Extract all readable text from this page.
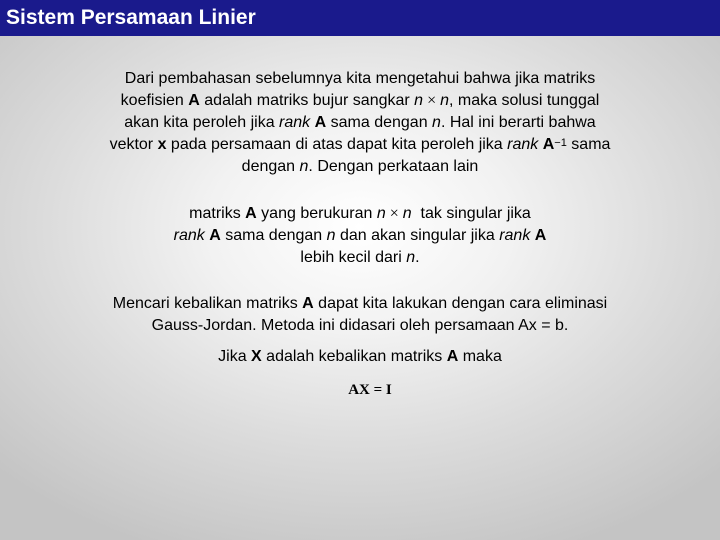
Sistem Persamaan Linier
Dari pembahasan sebelumnya kita mengetahui bahwa jika matriks
koefisien A adalah matriks bujur sangkar n × n, maka solusi tunggal
akan kita peroleh jika rank A sama dengan n. Hal ini berarti bahwa
vektor x pada persamaan di atas dapat kita peroleh jika rank $A^{-1}$ sama
dengan n. Dengan perkataan lain
matriks A yang berukuran n × n  tak singular jika
rank A sama dengan n dan akan singular jika rank A
lebih kecil dari n.
Mencari kebalikan matriks A dapat kita lakukan dengan cara eliminasi
Gauss-Jordan. Metoda ini didasari oleh persamaan Ax = b.
Jika X adalah kebalikan matriks A maka
AX = I
